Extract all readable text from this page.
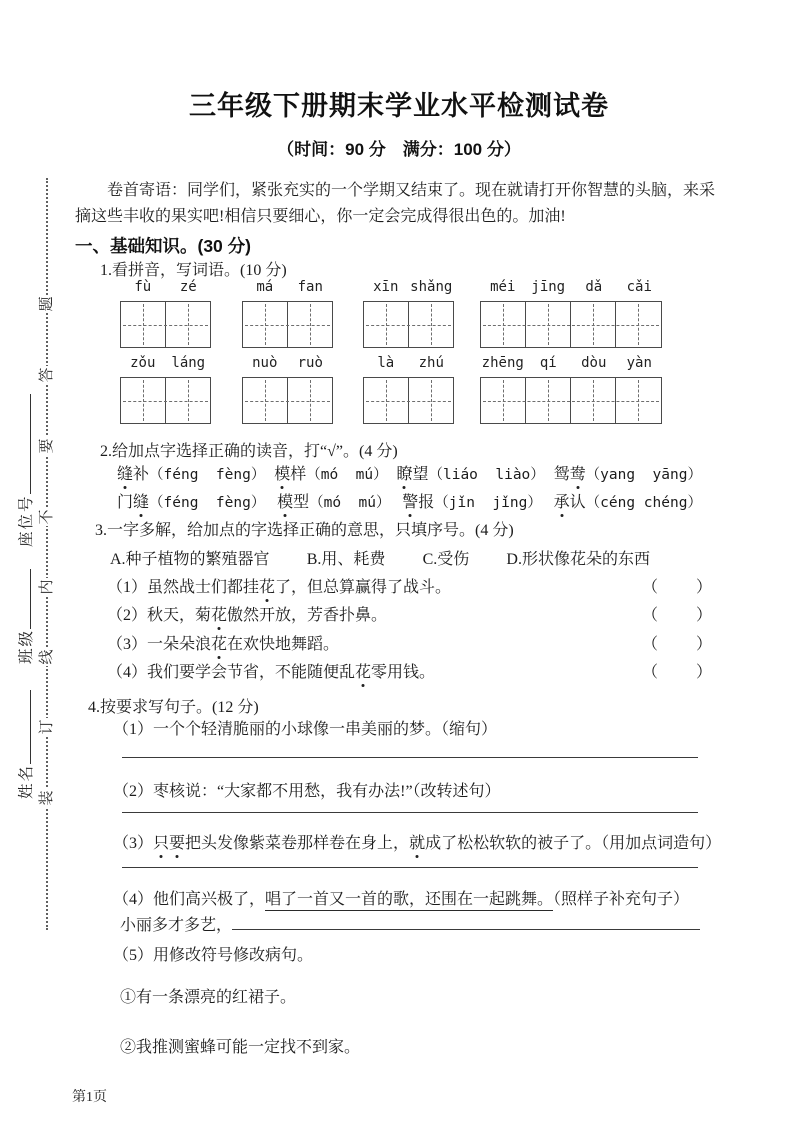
题
答
要
不
内
线
订
装
姓名
班级
座位号
三年级下册期末学业水平检测试卷
（时间：90 分　满分：100 分）
卷首寄语：同学们，紧张充实的一个学期又结束了。现在就请打开你智慧的头脑，来采
摘这些丰收的果实吧!相信只要细心，你一定会完成得很出色的。加油!
一、基础知识。(30 分)
1.看拼音，写词语。(10 分)
fù	zé	má	fan	xīn shǎng	méi	jīng	dǎ	cǎi
zǒu	láng	nuò	ruò	là	zhú	zhēng	qí	dòu	yàn
2.给加点字选择正确的读音，打“√”。(4 分)
缝补（féng  fèng） 模样（mó  mú） 瞭望（liáo  liào） 鸳鸯（yang  yāng）
门缝（féng  fèng） 模型（mó  mú） 警报（jǐn  jǐng） 承认（céng chéng）
3.一字多解，给加点的字选择正确的意思，只填序号。(4 分)
A.种子植物的繁殖器官 B.用、耗费 C.受伤 D.形状像花朵的东西
（1）虽然战士们都挂花了，但总算赢得了战斗。	（　　）
（2）秋天，菊花傲然开放，芳香扑鼻。	（　　）
（3）一朵朵浪花在欢快地舞蹈。	（　　）
（4）我们要学会节省，不能随便乱花零用钱。	（　　）
4.按要求写句子。(12 分)
（1）一个个轻清脆丽的小球像一串美丽的梦。（缩句）
（2）枣核说：“大家都不用愁，我有办法!”（改转述句）
（3）只要把头发像紫菜卷那样卷在身上，就成了松松软软的被子了。（用加点词造句）
（4）他们高兴极了，唱了一首又一首的歌，还围在一起跳舞。（照样子补充句子）
小丽多才多艺，
（5）用修改符号修改病句。
①有一条漂亮的红裙子。
②我推测蜜蜂可能一定找不到家。
第1页
